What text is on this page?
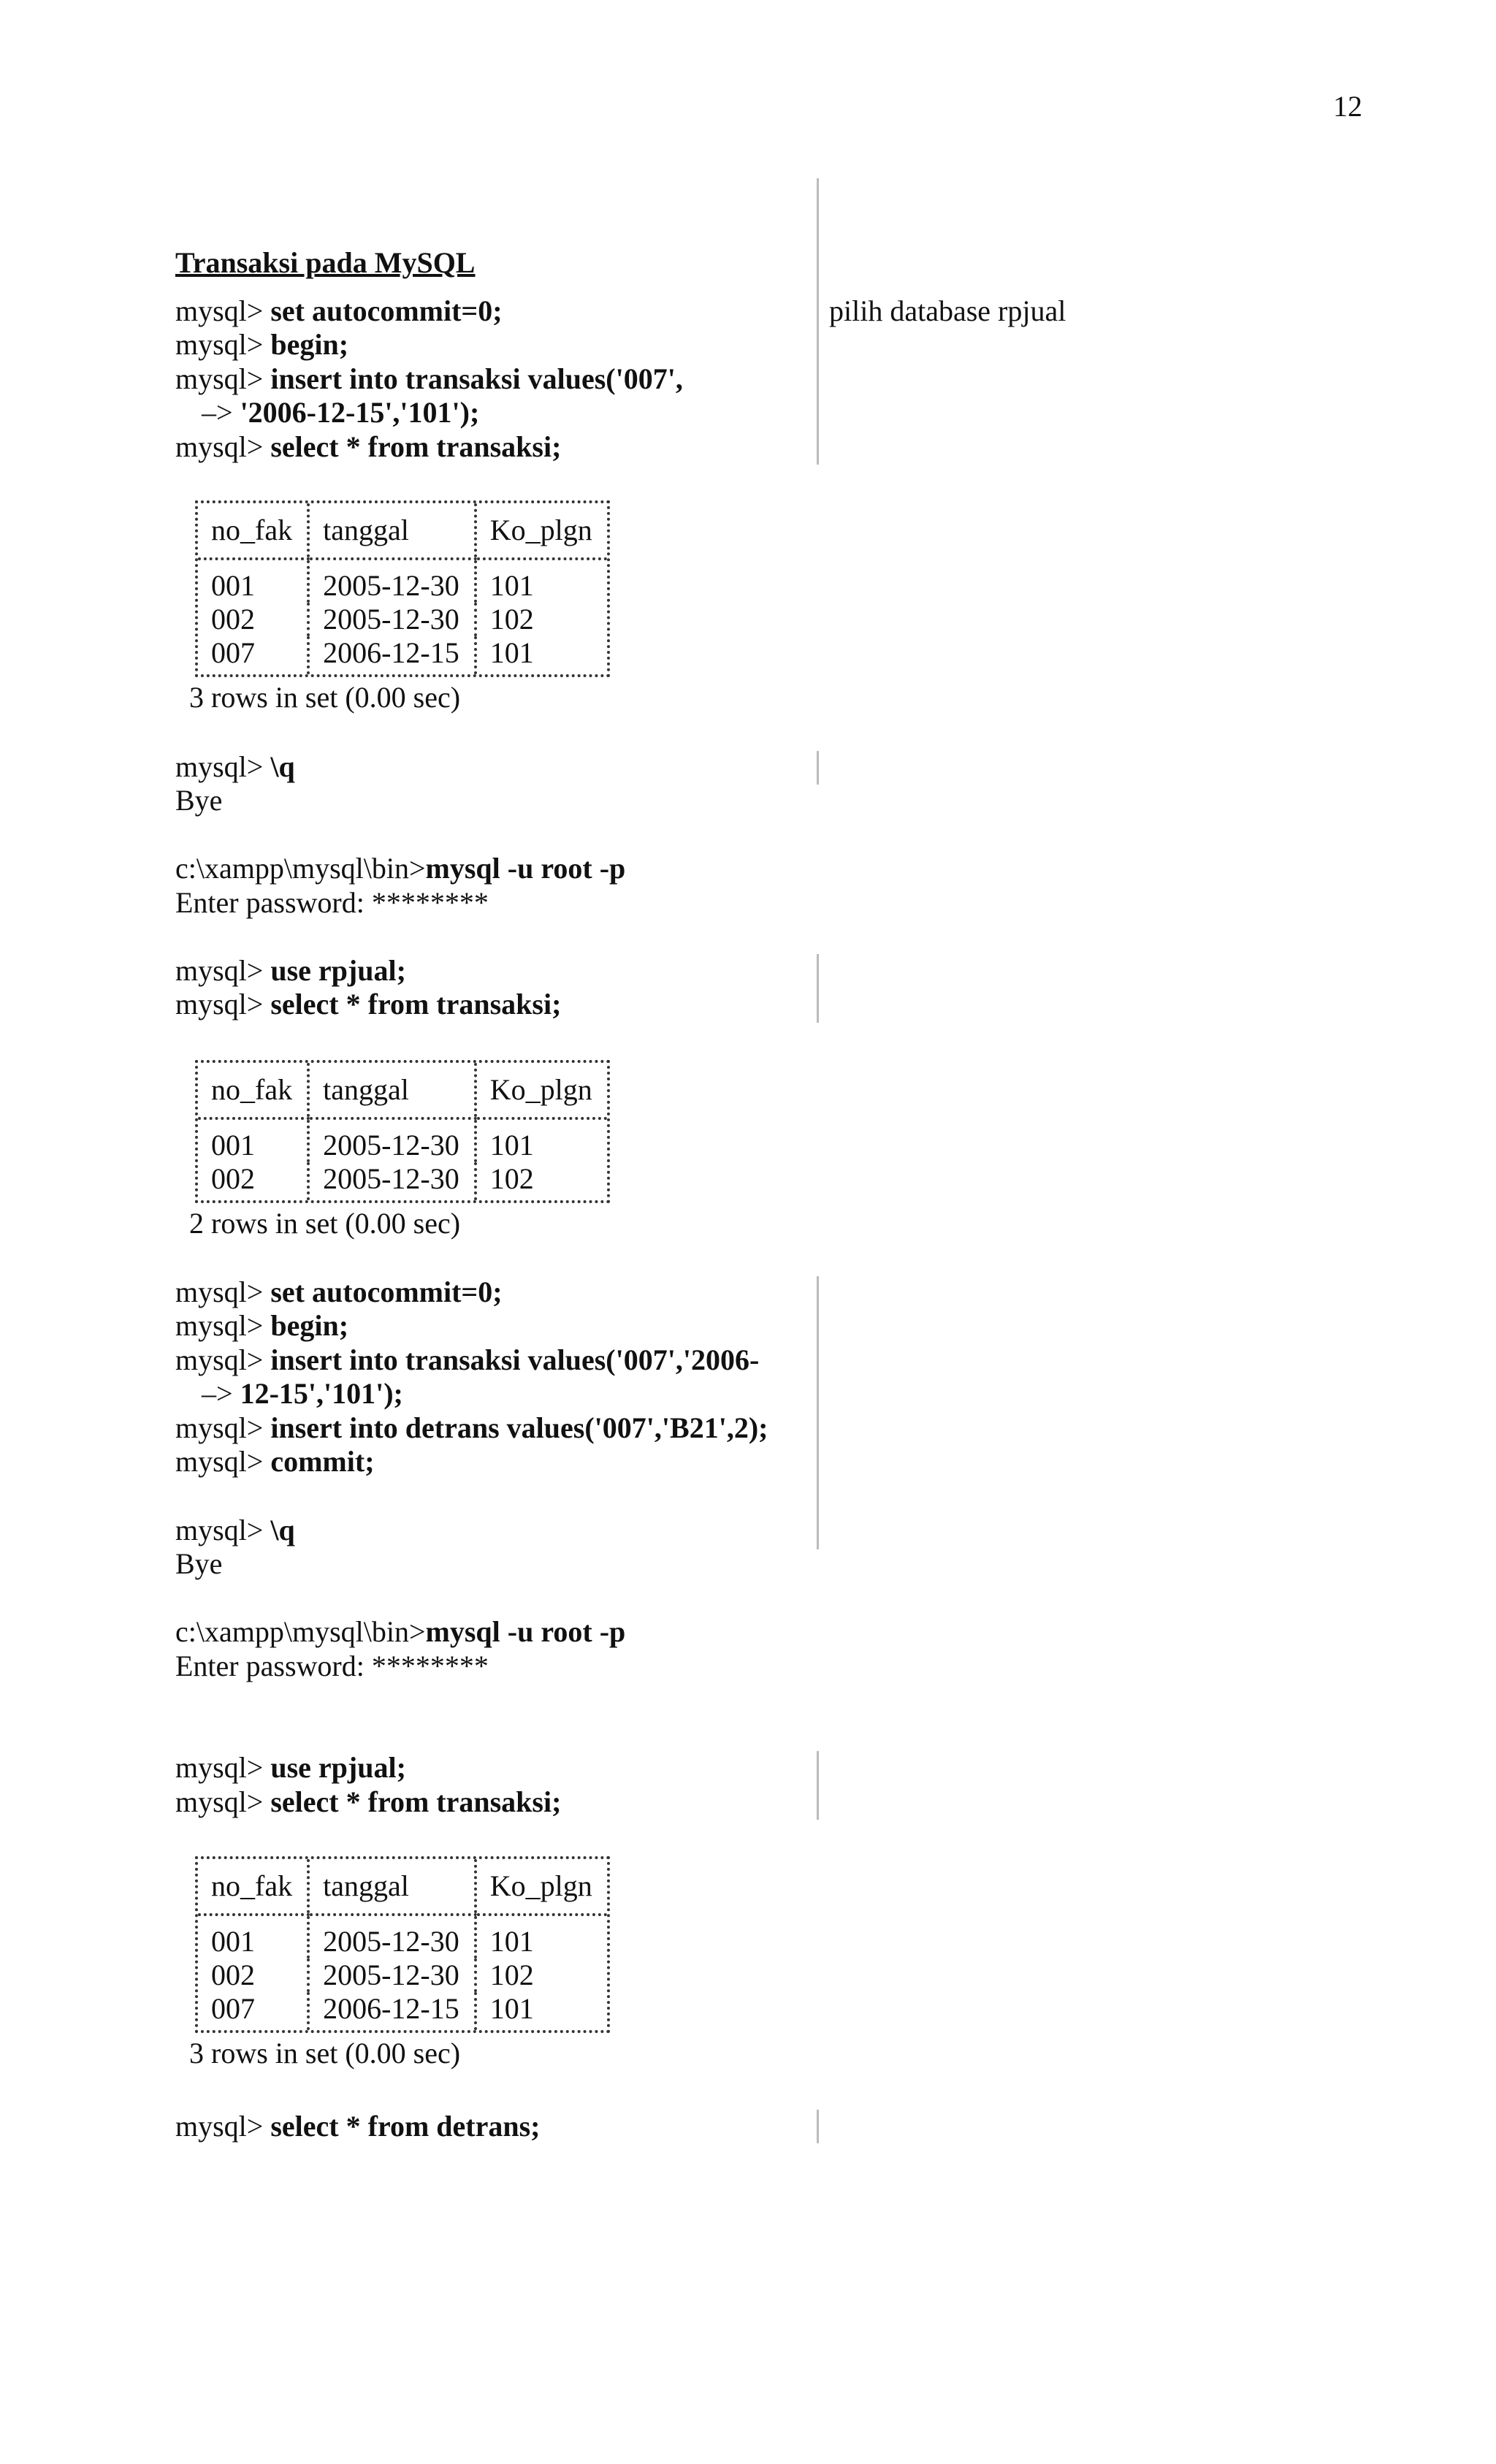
12
Transaksi pada MySQL
pilih database rpjual
mysql> set autocommit=0;
mysql> begin;
mysql> insert into transaksi values('007',
–> '2006-12-15','101');
mysql> select * from transaksi;
no_fak	tanggal	Ko_plgn
001	2005-12-30	101
002	2005-12-30	102
007	2006-12-15	101
3 rows in set (0.00 sec)
mysql> \q
Bye
c:\xampp\mysql\bin>mysql -u root -p
Enter password: ********
mysql> use rpjual;
mysql> select * from transaksi;
no_fak	tanggal	Ko_plgn
001	2005-12-30	101
002	2005-12-30	102
2 rows in set (0.00 sec)
mysql> set autocommit=0;
mysql> begin;
mysql> insert into transaksi values('007','2006-
–> 12-15','101');
mysql> insert into detrans values('007','B21',2);
mysql> commit;
mysql> \q
Bye
c:\xampp\mysql\bin>mysql -u root -p
Enter password: ********
mysql> use rpjual;
mysql> select * from transaksi;
no_fak	tanggal	Ko_plgn
001	2005-12-30	101
002	2005-12-30	102
007	2006-12-15	101
3 rows in set (0.00 sec)
mysql> select * from detrans;
